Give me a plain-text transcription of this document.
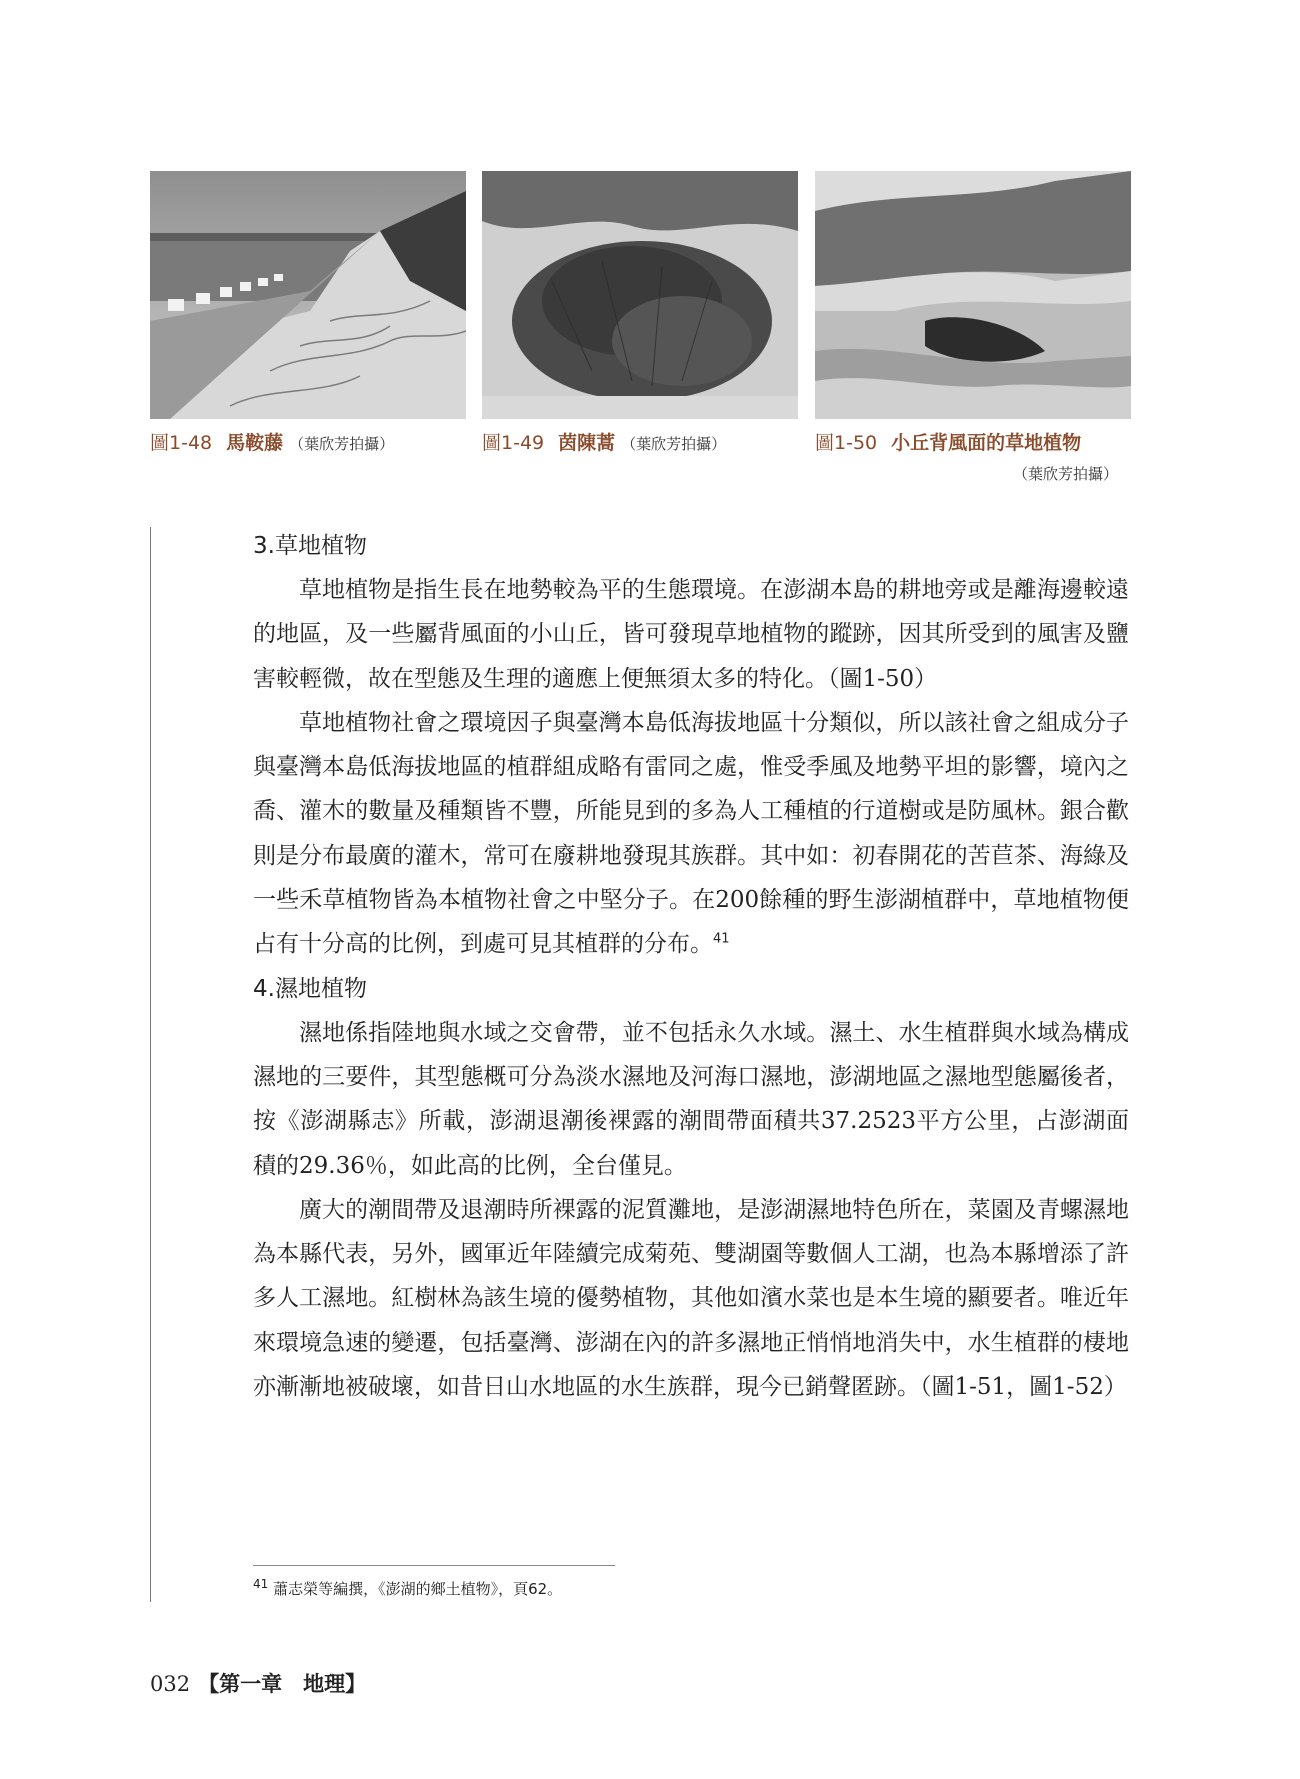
圖1-48 馬鞍藤 （葉欣芳拍攝）	圖1-49 茵陳蒿 （葉欣芳拍攝）	圖1-50 小丘背風面的草地植物
（葉欣芳拍攝）

3.草地植物

草地植物是指生長在地勢較為平的生態環境。在澎湖本島的耕地旁或是離海邊較遠的地區，及一些屬背風面的小山丘，皆可發現草地植物的蹤跡，因其所受到的風害及鹽害較輕微，故在型態及生理的適應上便無須太多的特化。（圖1-50）

草地植物社會之環境因子與臺灣本島低海拔地區十分類似，所以該社會之組成分子與臺灣本島低海拔地區的植群組成略有雷同之處，惟受季風及地勢平坦的影響，境內之喬、灌木的數量及種類皆不豐，所能見到的多為人工種植的行道樹或是防風林。銀合歡則是分布最廣的灌木，常可在廢耕地發現其族群。其中如：初春開花的苦苣茶、海綠及一些禾草植物皆為本植物社會之中堅分子。在200餘種的野生澎湖植群中，草地植物便占有十分高的比例，到處可見其植群的分布。$^{41}$

4.濕地植物

濕地係指陸地與水域之交會帶，並不包括永久水域。濕土、水生植群與水域為構成濕地的三要件，其型態概可分為淡水濕地及河海口濕地，澎湖地區之濕地型態屬後者，按《澎湖縣志》所載，澎湖退潮後裸露的潮間帶面積共37.2523平方公里，占澎湖面積的29.36％，如此高的比例，全台僅見。

廣大的潮間帶及退潮時所裸露的泥質灘地，是澎湖濕地特色所在，菜園及青螺濕地為本縣代表，另外，國軍近年陸續完成菊苑、雙湖園等數個人工湖，也為本縣增添了許多人工濕地。紅樹林為該生境的優勢植物，其他如濱水菜也是本生境的顯要者。唯近年來環境急速的變遷，包括臺灣、澎湖在內的許多濕地正悄悄地消失中，水生植群的棲地亦漸漸地被破壞，如昔日山水地區的水生族群，現今已銷聲匿跡。（圖1-51，圖1-52）

$^{41}$ 蕭志榮等編撰，《澎湖的鄉土植物》，頁62。
032 【第一章　地理】
